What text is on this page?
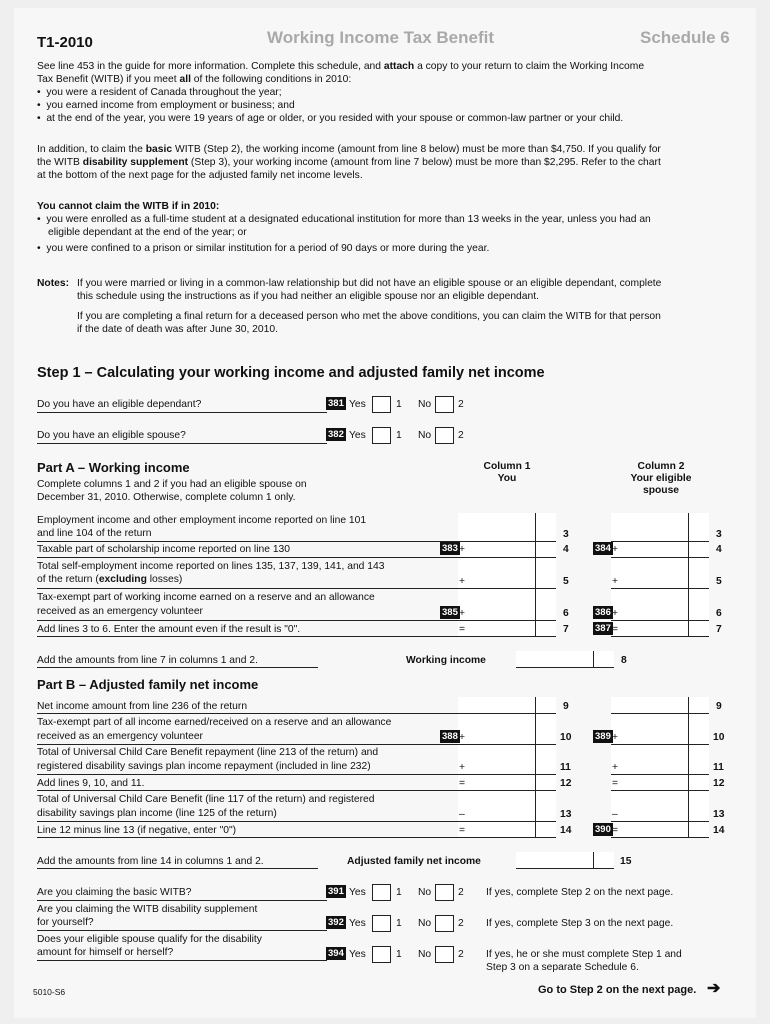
T1-2010	Working Income Tax Benefit	Schedule 6
See line 453 in the guide for more information. Complete this schedule, and attach a copy to your return to claim the Working Income
Tax Benefit (WITB) if you meet all of the following conditions in 2010:
•  you were a resident of Canada throughout the year;
•  you earned income from employment or business; and
•  at the end of the year, you were 19 years of age or older, or you resided with your spouse or common-law partner or your child.
In addition, to claim the basic WITB (Step 2), the working income (amount from line 8 below) must be more than $4,750. If you qualify for
the WITB disability supplement (Step 3), your working income (amount from line 7 below) must be more than $2,295. Refer to the chart
at the bottom of the next page for the adjusted family net income levels.
You cannot claim the WITB if in 2010:
•  you were enrolled as a full-time student at a designated educational institution for more than 13 weeks in the year, unless you had an
eligible dependant at the end of the year; or
•  you were confined to a prison or similar institution for a period of 90 days or more during the year.
Notes: If you were married or living in a common-law relationship but did not have an eligible spouse or an eligible dependant, complete
this schedule using the instructions as if you had neither an eligible spouse nor an eligible dependant.
If you are completing a final return for a deceased person who met the above conditions, you can claim the WITB for that person
if the date of death was after June 30, 2010.
Step 1 – Calculating your working income and adjusted family net income
Do you have an eligible dependant?	381 Yes	1 No	2
Do you have an eligible spouse?	382 Yes	1 No	2
Part A – Working income
Complete columns 1 and 2 if you had an eligible spouse on
December 31, 2010. Otherwise, complete column 1 only.
Column 1
You
Column 2
Your eligible
spouse
Employment income and other employment income reported on line 101
and line 104 of the return	3	3
Taxable part of scholarship income reported on line 130	383 +	4	384 +	4
Total self-employment income reported on lines 135, 137, 139, 141, and 143
of the return (excluding losses)	+	5	+	5
Tax-exempt part of working income earned on a reserve and an allowance
received as an emergency volunteer	385 +	6	386 +	6
Add lines 3 to 6. Enter the amount even if the result is "0".	=	7	387 =	7
Add the amounts from line 7 in columns 1 and 2.	Working income	8
Part B – Adjusted family net income
Net income amount from line 236 of the return	9	9
Tax-exempt part of all income earned/received on a reserve and an allowance
received as an emergency volunteer	388 +	10 389 +	10
Total of Universal Child Care Benefit repayment (line 213 of the return) and
registered disability savings plan income repayment (included in line 232)	+	11	+	11
Add lines 9, 10, and 11.	=	12	=	12
Total of Universal Child Care Benefit (line 117 of the return) and registered
disability savings plan income (line 125 of the return)	–	13	–	13
Line 12 minus line 13 (if negative, enter "0")	=	14 390 =	14
Add the amounts from line 14 in columns 1 and 2.	Adjusted family net income	15
Are you claiming the basic WITB?	391 Yes	1 No	2 If yes, complete Step 2 on the next page.
Are you claiming the WITB disability supplement
for yourself?	392 Yes	1 No	2 If yes, complete Step 3 on the next page.
Does your eligible spouse qualify for the disability
amount for himself or herself?	394 Yes	1 No	2 If yes, he or she must complete Step 1 and
Step 3 on a separate Schedule 6.
5010-S6	Go to Step 2 on the next page. ➔
